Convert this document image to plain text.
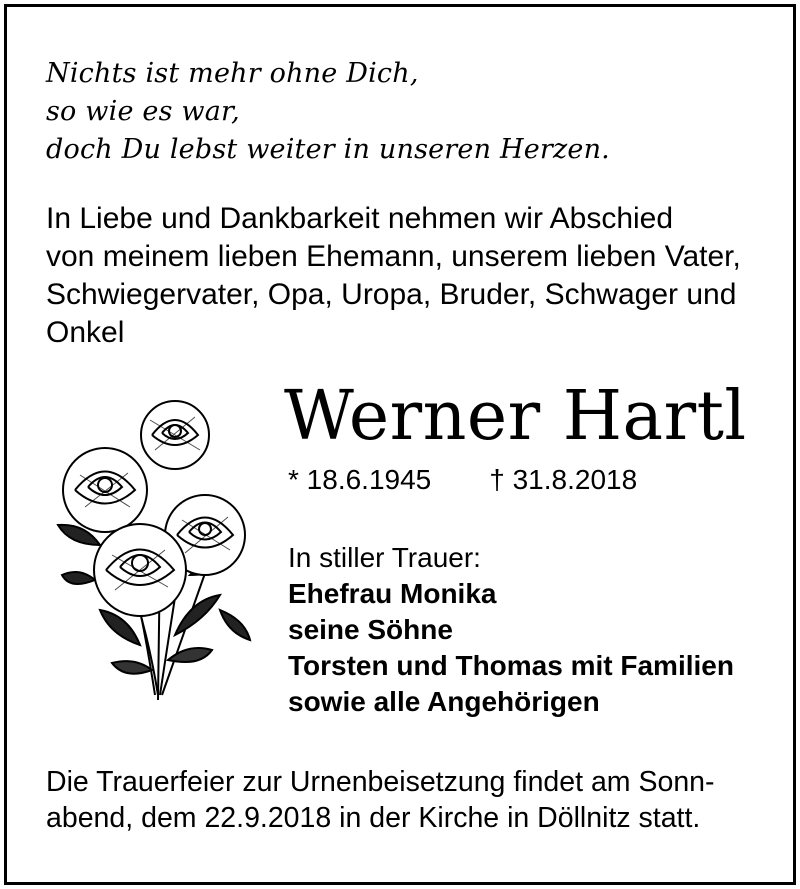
Nichts ist mehr ohne Dich,
so wie es war,
doch Du lebst weiter in unseren Herzen.
In Liebe und Dankbarkeit nehmen wir Abschied
von meinem lieben Ehemann, unserem lieben Vater,
Schwiegervater, Opa, Uropa, Bruder, Schwager und
Onkel
Werner Hartl
* 18.6.1945 † 31.8.2018
In stiller Trauer:
Ehefrau Monika
seine Söhne
Torsten und Thomas mit Familien
sowie alle Angehörigen
Die Trauerfeier zur Urnenbeisetzung findet am Sonn-
abend, dem 22.9.2018 in der Kirche in Döllnitz statt.
